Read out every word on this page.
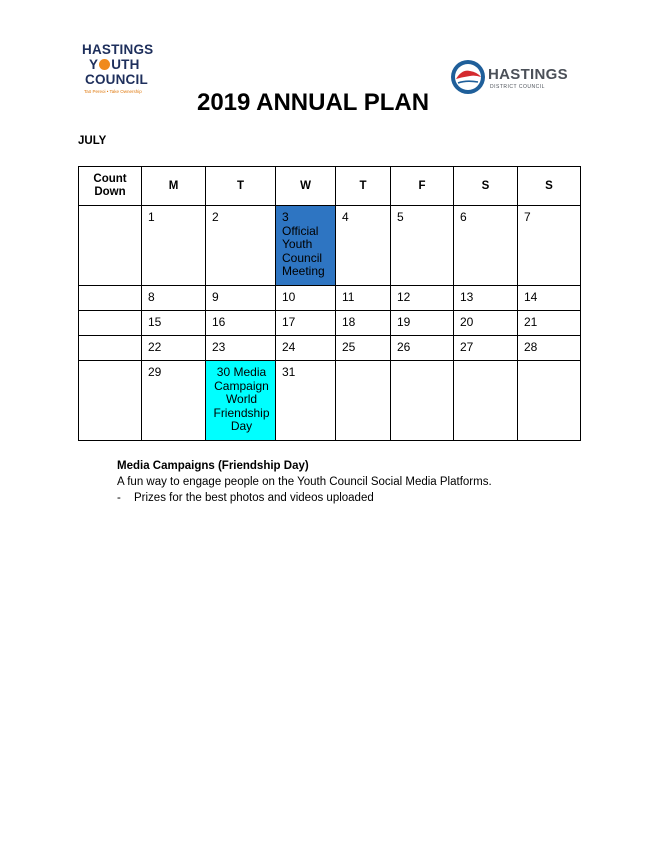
HASTINGS
Y UTH
COUNCIL
Taō Pereoi • Take Ownership
HASTINGS
DISTRICT COUNCIL
2019 ANNUAL PLAN
JULY
Count Down	M	T	W	T	F	S	S

	1	2	3
Official
Youth
Council
Meeting	4	5	6	7

	8	9	10	11	12	13	14
	15	16	17	18	19	20	21
	22	23	24	25	26	27	28

	29	30 Media
Campaign
World
Friendship
Day	31				

Media Campaigns (Friendship Day)
A fun way to engage people on the Youth Council Social Media Platforms.
-	Prizes for the best photos and videos uploaded
